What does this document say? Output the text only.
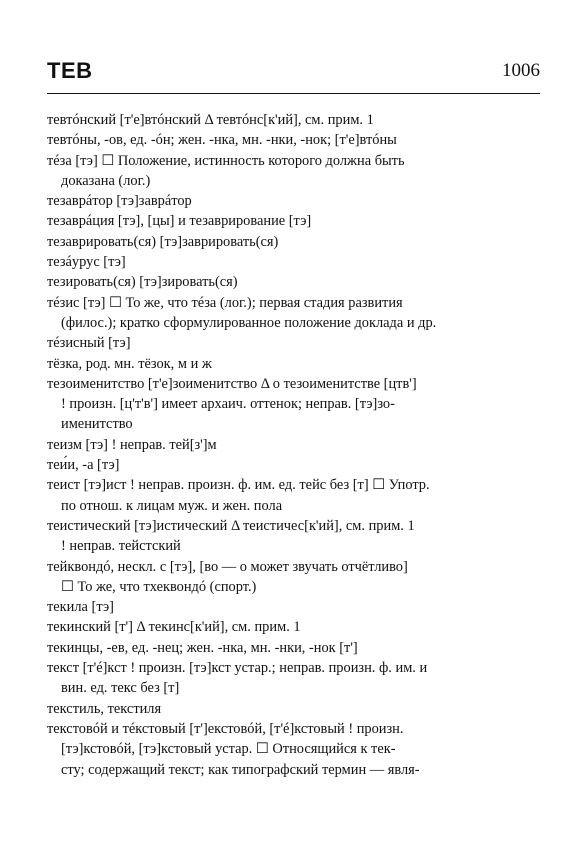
ТЕВ	1006
тевтóнский [т'е]втóнский Δ тевтóнс[к'ий], см. прим. 1
тевтóны, -ов, ед. -óн; жен. -нка, мн. -нки, -нок; [т'е]втóны
тéза [тэ] ☐ Положение, истинность которого должна быть
доказана (лог.)
тезаврáтор [тэ]заврáтор
тезаврáция [тэ], [цы] и тезаврирование [тэ]
тезаврировать(ся) [тэ]заврировать(ся)
тезáурус [тэ]
тезировать(ся) [тэ]зировать(ся)
тéзис [тэ] ☐ То же, что тéза (лог.); первая стадия развития
(филос.); кратко сформулированное положение доклада и др.
тéзисный [тэ]
тёзка, род. мн. тёзок, м и ж
тезоименитство [т'е]зоименитство Δ о тезоименитстве [цтв']
! произн. [ц'т'в'] имеет архаич. оттенок; неправ. [тэ]зо-
именитство
теизм [тэ] ! неправ. тей[з']м
теи́и, -а [тэ]
теист [тэ]ист ! неправ. произн. ф. им. ед. тейс без [т] ☐ Употр.
по отнош. к лицам муж. и жен. пола
теистический [тэ]истический Δ теистичес[к'ий], см. прим. 1
! неправ. тейстский
тейквондó, нескл. с [тэ], [во — о может звучать отчётливо]
☐ То же, что тхеквондó (спорт.)
текила [тэ]
текинский [т'] Δ текинс[к'ий], см. прим. 1
текинцы, -ев, ед. -нец; жен. -нка, мн. -нки, -нок [т']
текст [т'é]кст ! произн. [тэ]кст устар.; неправ. произн. ф. им. и
вин. ед. текс без [т]
текстиль, текстиля
текстовóй и тéкстовый [т']екстовóй, [т'é]кстовый ! произн.
[тэ]кстовóй, [тэ]кстовый устар. ☐ Относящийся к тек-
сту; содержащий текст; как типографский термин — явля-
